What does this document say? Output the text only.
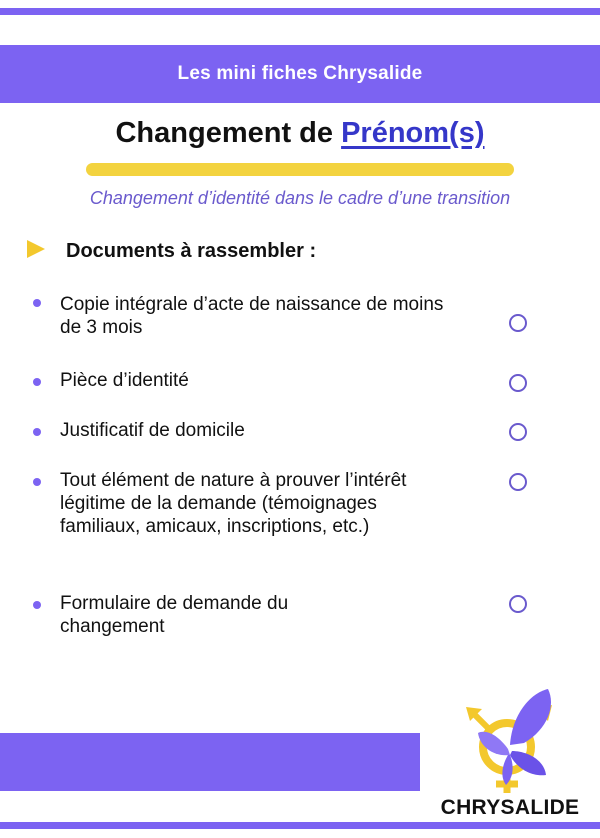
Les mini fiches Chrysalide
Changement de Prénom(s)
Changement d’identité dans le cadre d’une transition
Documents à rassembler :
Copie intégrale d’acte de naissance de moins de 3 mois
Pièce d’identité
Justificatif de domicile
Tout élément de nature à prouver l’intérêt légitime de la demande (témoignages familiaux, amicaux, inscriptions, etc.)
Formulaire de demande du changement
CHRYSALIDE
